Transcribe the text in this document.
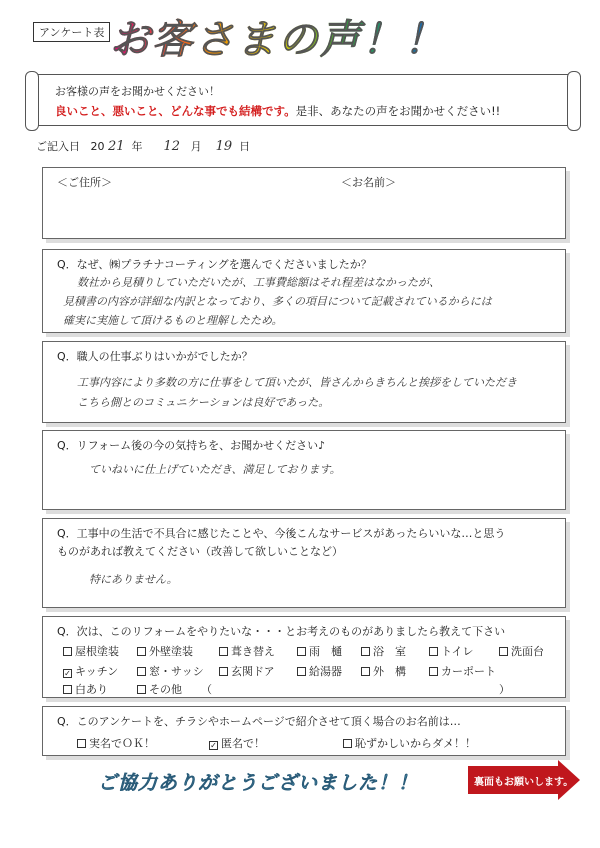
アンケート表 お客さまの声！！
お客様の声をお聞かせください！
良いこと、悪いこと、どんな事でも結構です。是非、あなたの声をお聞かせください!!
ご記入日 20 21 年 12 月 19 日
＜ご住所＞	＜お名前＞
Q．なぜ、㈱プラチナコーティングを選んでくださいましたか？
数社から見積りしていただいたが、工事費総額はそれ程差はなかったが、
見積書の内容が詳細な内訳となっており、多くの項目について記載されているからには
確実に実施して頂けるものと理解したため。
Q．職人の仕事ぶりはいかがでしたか？
工事内容により多数の方に仕事をして頂いたが、皆さんからきちんと挨拶をしていただき
こちら側とのコミュニケーションは良好であった。
Q．リフォーム後の今の気持ちを、お聞かせください♪
ていねいに仕上げていただき、満足しております。
Q．工事中の生活で不具合に感じたことや、今後こんなサービスがあったらいいな…と思う
ものがあれば教えてください（改善して欲しいことなど）
特にありません。
Q．次は、このリフォームをやりたいな・・・とお考えのものがありましたら教えて下さい
屋根塗装	外壁塗装	葺き替え	雨　樋	浴　室	トイレ	洗面台
✓ キッチン	窓・サッシ	玄関ドア	給湯器	外　構	カーポート
白あり	その他 （	）
Q．このアンケートを、チラシやホームページで紹介させて頂く場合のお名前は…
実名でＯＫ！	✓ 匿名で！	恥ずかしいからダメ！！
ご協力ありがとうございました！！	裏面もお願いします。
